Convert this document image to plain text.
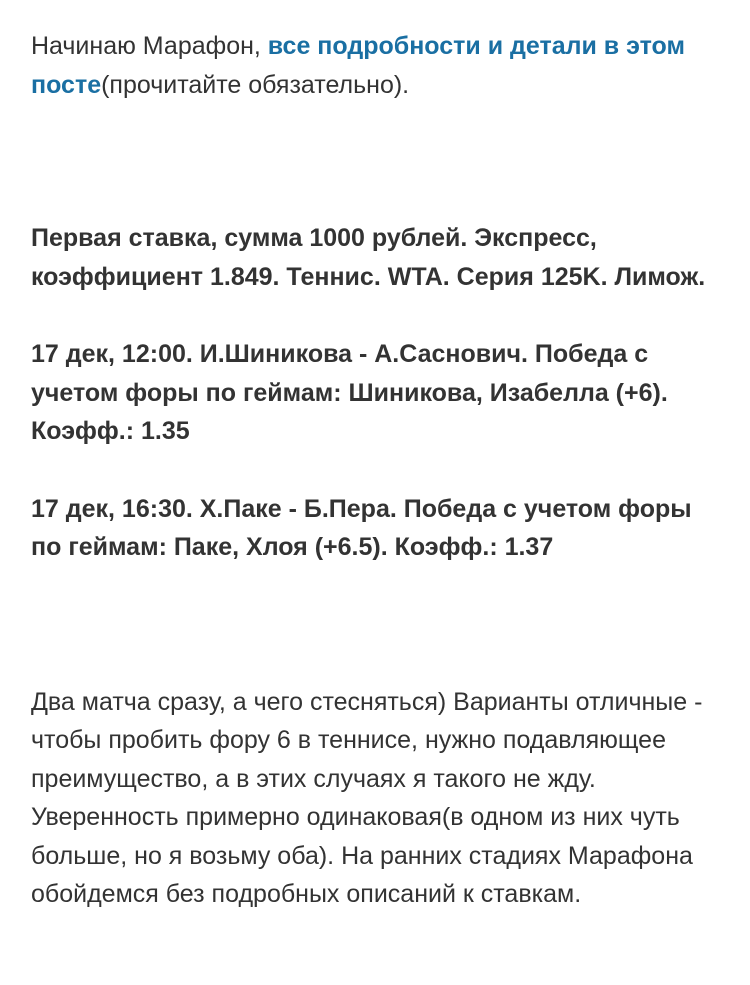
Начинаю Марафон, все подробности и детали в этом посте(прочитайте обязательно).

Первая ставка, сумма 1000 рублей. Экспресс, коэффициент 1.849. Теннис. WTA. Серия 125K. Лимож.

17 дек, 12:00. И.Шиникова - А.Саснович. Победа с учетом форы по геймам: Шиникова, Изабелла (+6). Коэфф.: 1.35

17 дек, 16:30. Х.Паке - Б.Пера. Победа с учетом форы по геймам: Паке, Хлоя (+6.5). Коэфф.: 1.37

Два матча сразу, а чего стесняться) Варианты отличные - чтобы пробить фору 6 в теннисе, нужно подавляющее преимущество, а в этих случаях я такого не жду. Уверенность примерно одинаковая(в одном из них чуть больше, но я возьму оба). На ранних стадиях Марафона обойдемся без подробных описаний к ставкам.
